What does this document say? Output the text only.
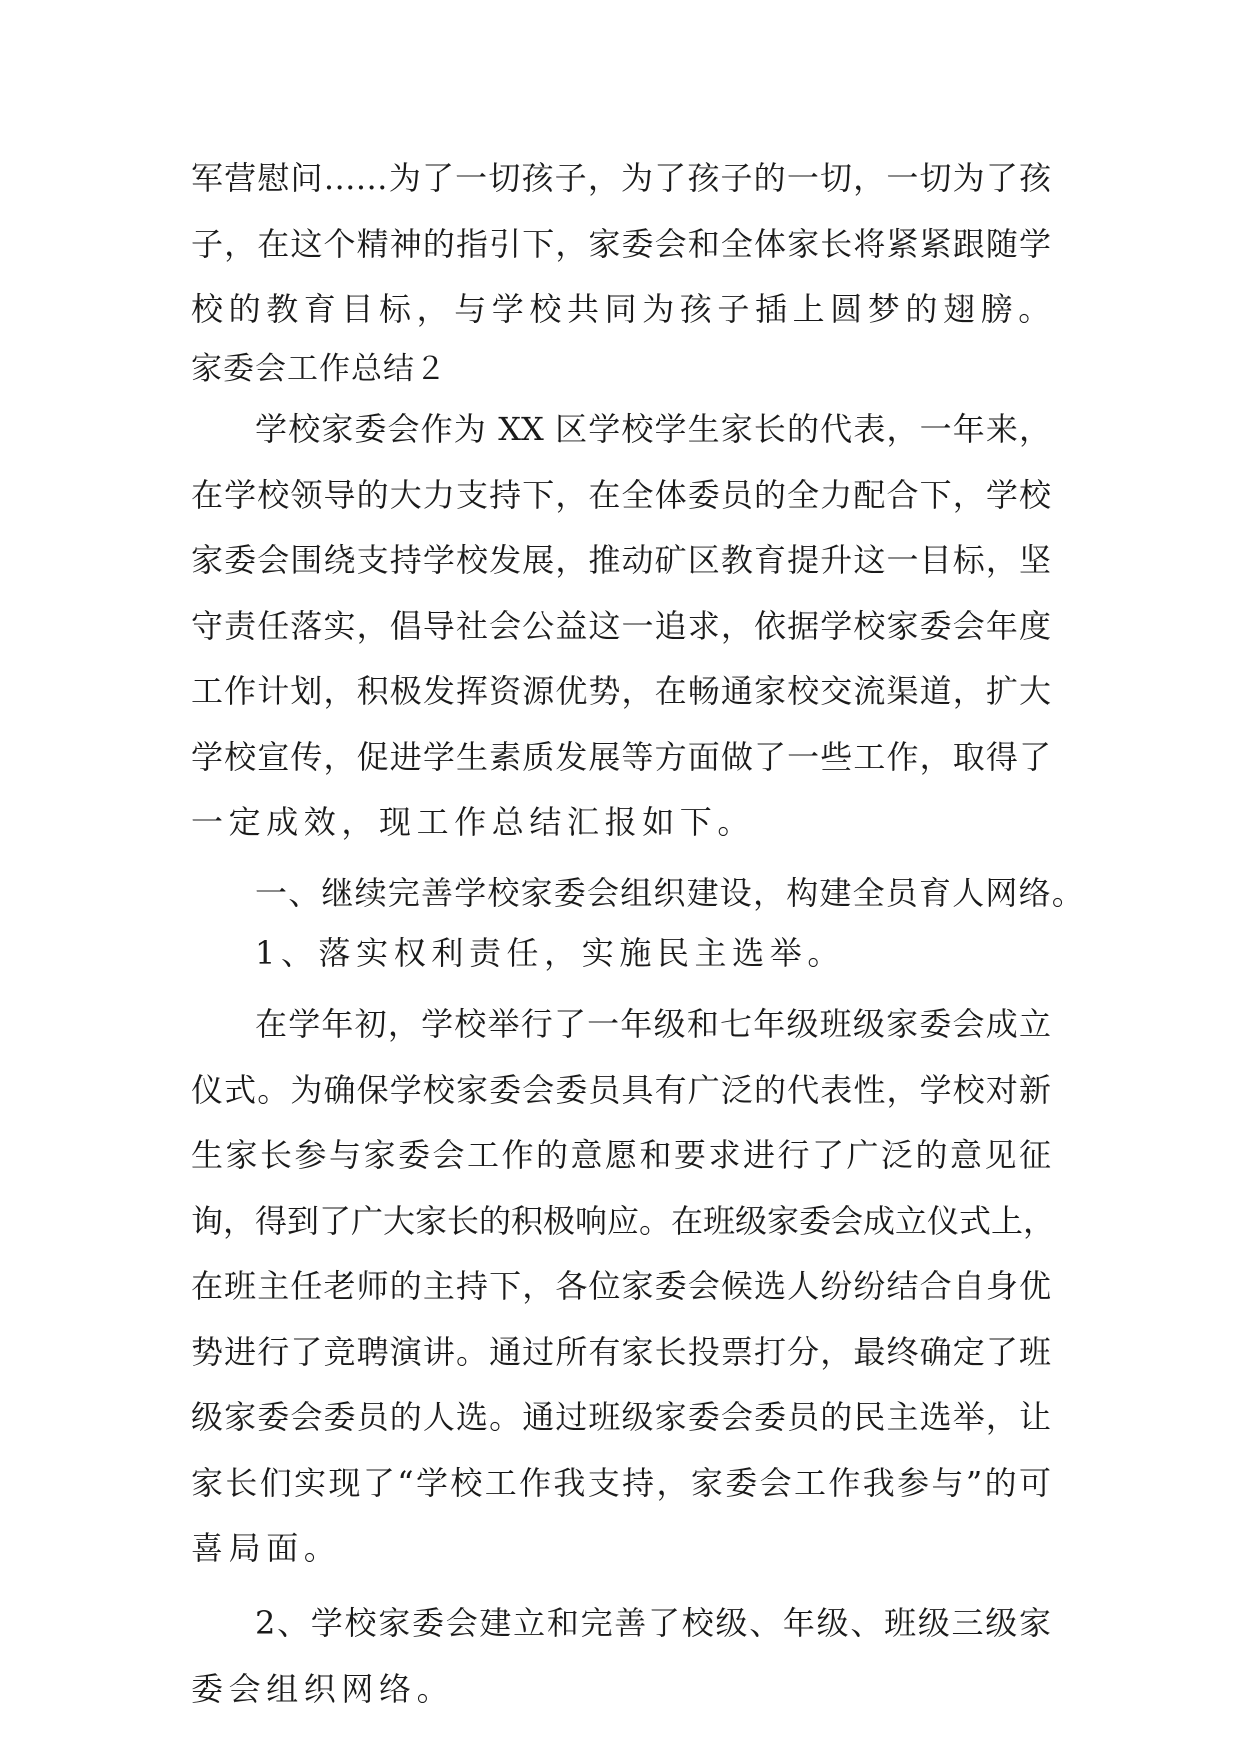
军营慰问……为了一切孩子，为了孩子的一切，一切为了孩
子，在这个精神的指引下，家委会和全体家长将紧紧跟随学
校的教育目标，与学校共同为孩子插上圆梦的翅膀。
家委会工作总结２
学校家委会作为 XX 区学校学生家长的代表，一年来，
在学校领导的大力支持下，在全体委员的全力配合下，学校
家委会围绕支持学校发展，推动矿区教育提升这一目标，坚
守责任落实，倡导社会公益这一追求，依据学校家委会年度
工作计划，积极发挥资源优势，在畅通家校交流渠道，扩大
学校宣传，促进学生素质发展等方面做了一些工作，取得了
一定成效，现工作总结汇报如下。
一、继续完善学校家委会组织建设，构建全员育人网络。
1、落实权利责任，实施民主选举。
在学年初，学校举行了一年级和七年级班级家委会成立
仪式。为确保学校家委会委员具有广泛的代表性，学校对新
生家长参与家委会工作的意愿和要求进行了广泛的意见征
询，得到了广大家长的积极响应。在班级家委会成立仪式上，
在班主任老师的主持下，各位家委会候选人纷纷结合自身优
势进行了竞聘演讲。通过所有家长投票打分，最终确定了班
级家委会委员的人选。通过班级家委会委员的民主选举，让
家长们实现了“学校工作我支持，家委会工作我参与”的可
喜局面。
2、学校家委会建立和完善了校级、年级、班级三级家
委会组织网络。
